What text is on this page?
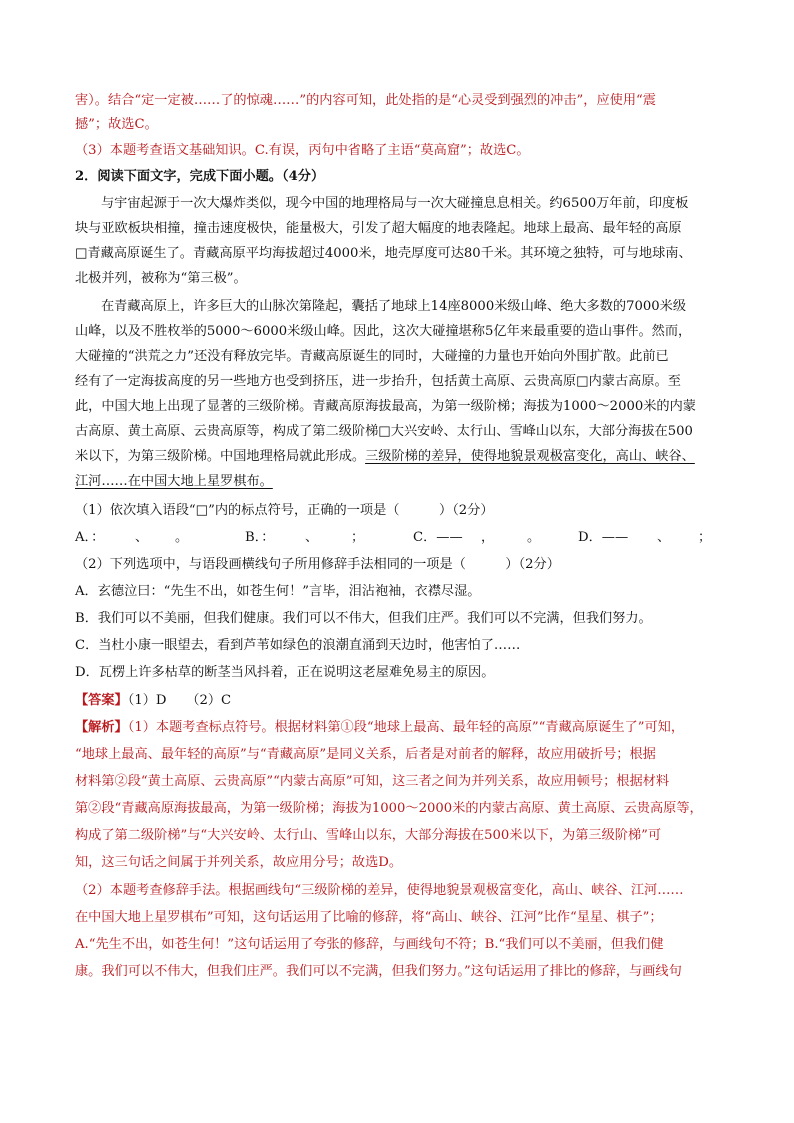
害）。结合“定一定被……了的惊魂……”的内容可知，此处指的是“心灵受到强烈的冲击”，应使用“震
撼”；故选C。
（3）本题考查语文基础知识。C.有误，丙句中省略了主语“莫高窟”；故选C。
2．阅读下面文字，完成下面小题。（4分）
与宇宙起源于一次大爆炸类似，现今中国的地理格局与一次大碰撞息息相关。约6500万年前，印度板
块与亚欧板块相撞，撞击速度极快，能量极大，引发了超大幅度的地表隆起。地球上最高、最年轻的高原
□青藏高原诞生了。青藏高原平均海拔超过4000米，地壳厚度可达80千米。其环境之独特，可与地球南、
北极并列，被称为“第三极”。
在青藏高原上，许多巨大的山脉次第隆起，囊括了地球上14座8000米级山峰、绝大多数的7000米级
山峰，以及不胜枚举的5000～6000米级山峰。因此，这次大碰撞堪称5亿年来最重要的造山事件。然而，
大碰撞的“洪荒之力”还没有释放完毕。青藏高原诞生的同时，大碰撞的力量也开始向外围扩散。此前已
经有了一定海拔高度的另一些地方也受到挤压，进一步抬升，包括黄土高原、云贵高原□内蒙古高原。至
此，中国大地上出现了显著的三级阶梯。青藏高原海拔最高，为第一级阶梯；海拔为1000～2000米的内蒙
古高原、黄土高原、云贵高原等，构成了第二级阶梯□大兴安岭、太行山、雪峰山以东，大部分海拔在500
米以下，为第三级阶梯。中国地理格局就此形成。三级阶梯的差异，使得地貌景观极富变化，高山、峡谷、
江河……在中国大地上星罗棋布。
（1）依次填入语段“□”内的标点符号，正确的一项是（　　　）（2分）
A．： 、 。	B．： 、 ；	C．—— ， 。	D．—— 、 ；
（2）下列选项中，与语段画横线句子所用修辞手法相同的一项是（　　　）（2分）
A．玄德泣曰：“先生不出，如苍生何！”言毕，泪沾袍袖，衣襟尽湿。
B．我们可以不美丽，但我们健康。我们可以不伟大，但我们庄严。我们可以不完满，但我们努力。
C．当杜小康一眼望去，看到芦苇如绿色的浪潮直涌到天边时，他害怕了……
D．瓦楞上许多枯草的断茎当风抖着，正在说明这老屋难免易主的原因。
【答案】（1）D　　（2）C
【解析】（1）本题考查标点符号。根据材料第①段“地球上最高、最年轻的高原”“青藏高原诞生了”可知，
“地球上最高、最年轻的高原”与“青藏高原”是同义关系，后者是对前者的解释，故应用破折号；根据
材料第②段“黄土高原、云贵高原”“内蒙古高原”可知，这三者之间为并列关系，故应用顿号；根据材料
第②段“青藏高原海拔最高，为第一级阶梯；海拔为1000～2000米的内蒙古高原、黄土高原、云贵高原等，
构成了第二级阶梯”与“大兴安岭、太行山、雪峰山以东，大部分海拔在500米以下，为第三级阶梯”可
知，这三句话之间属于并列关系，故应用分号；故选D。
（2）本题考查修辞手法。根据画线句“三级阶梯的差异，使得地貌景观极富变化，高山、峡谷、江河……
在中国大地上星罗棋布”可知，这句话运用了比喻的修辞，将“高山、峡谷、江河”比作“星星、棋子”；
A.“先生不出，如苍生何！”这句话运用了夸张的修辞，与画线句不符；B.“我们可以不美丽，但我们健
康。我们可以不伟大，但我们庄严。我们可以不完满，但我们努力。”这句话运用了排比的修辞，与画线句
